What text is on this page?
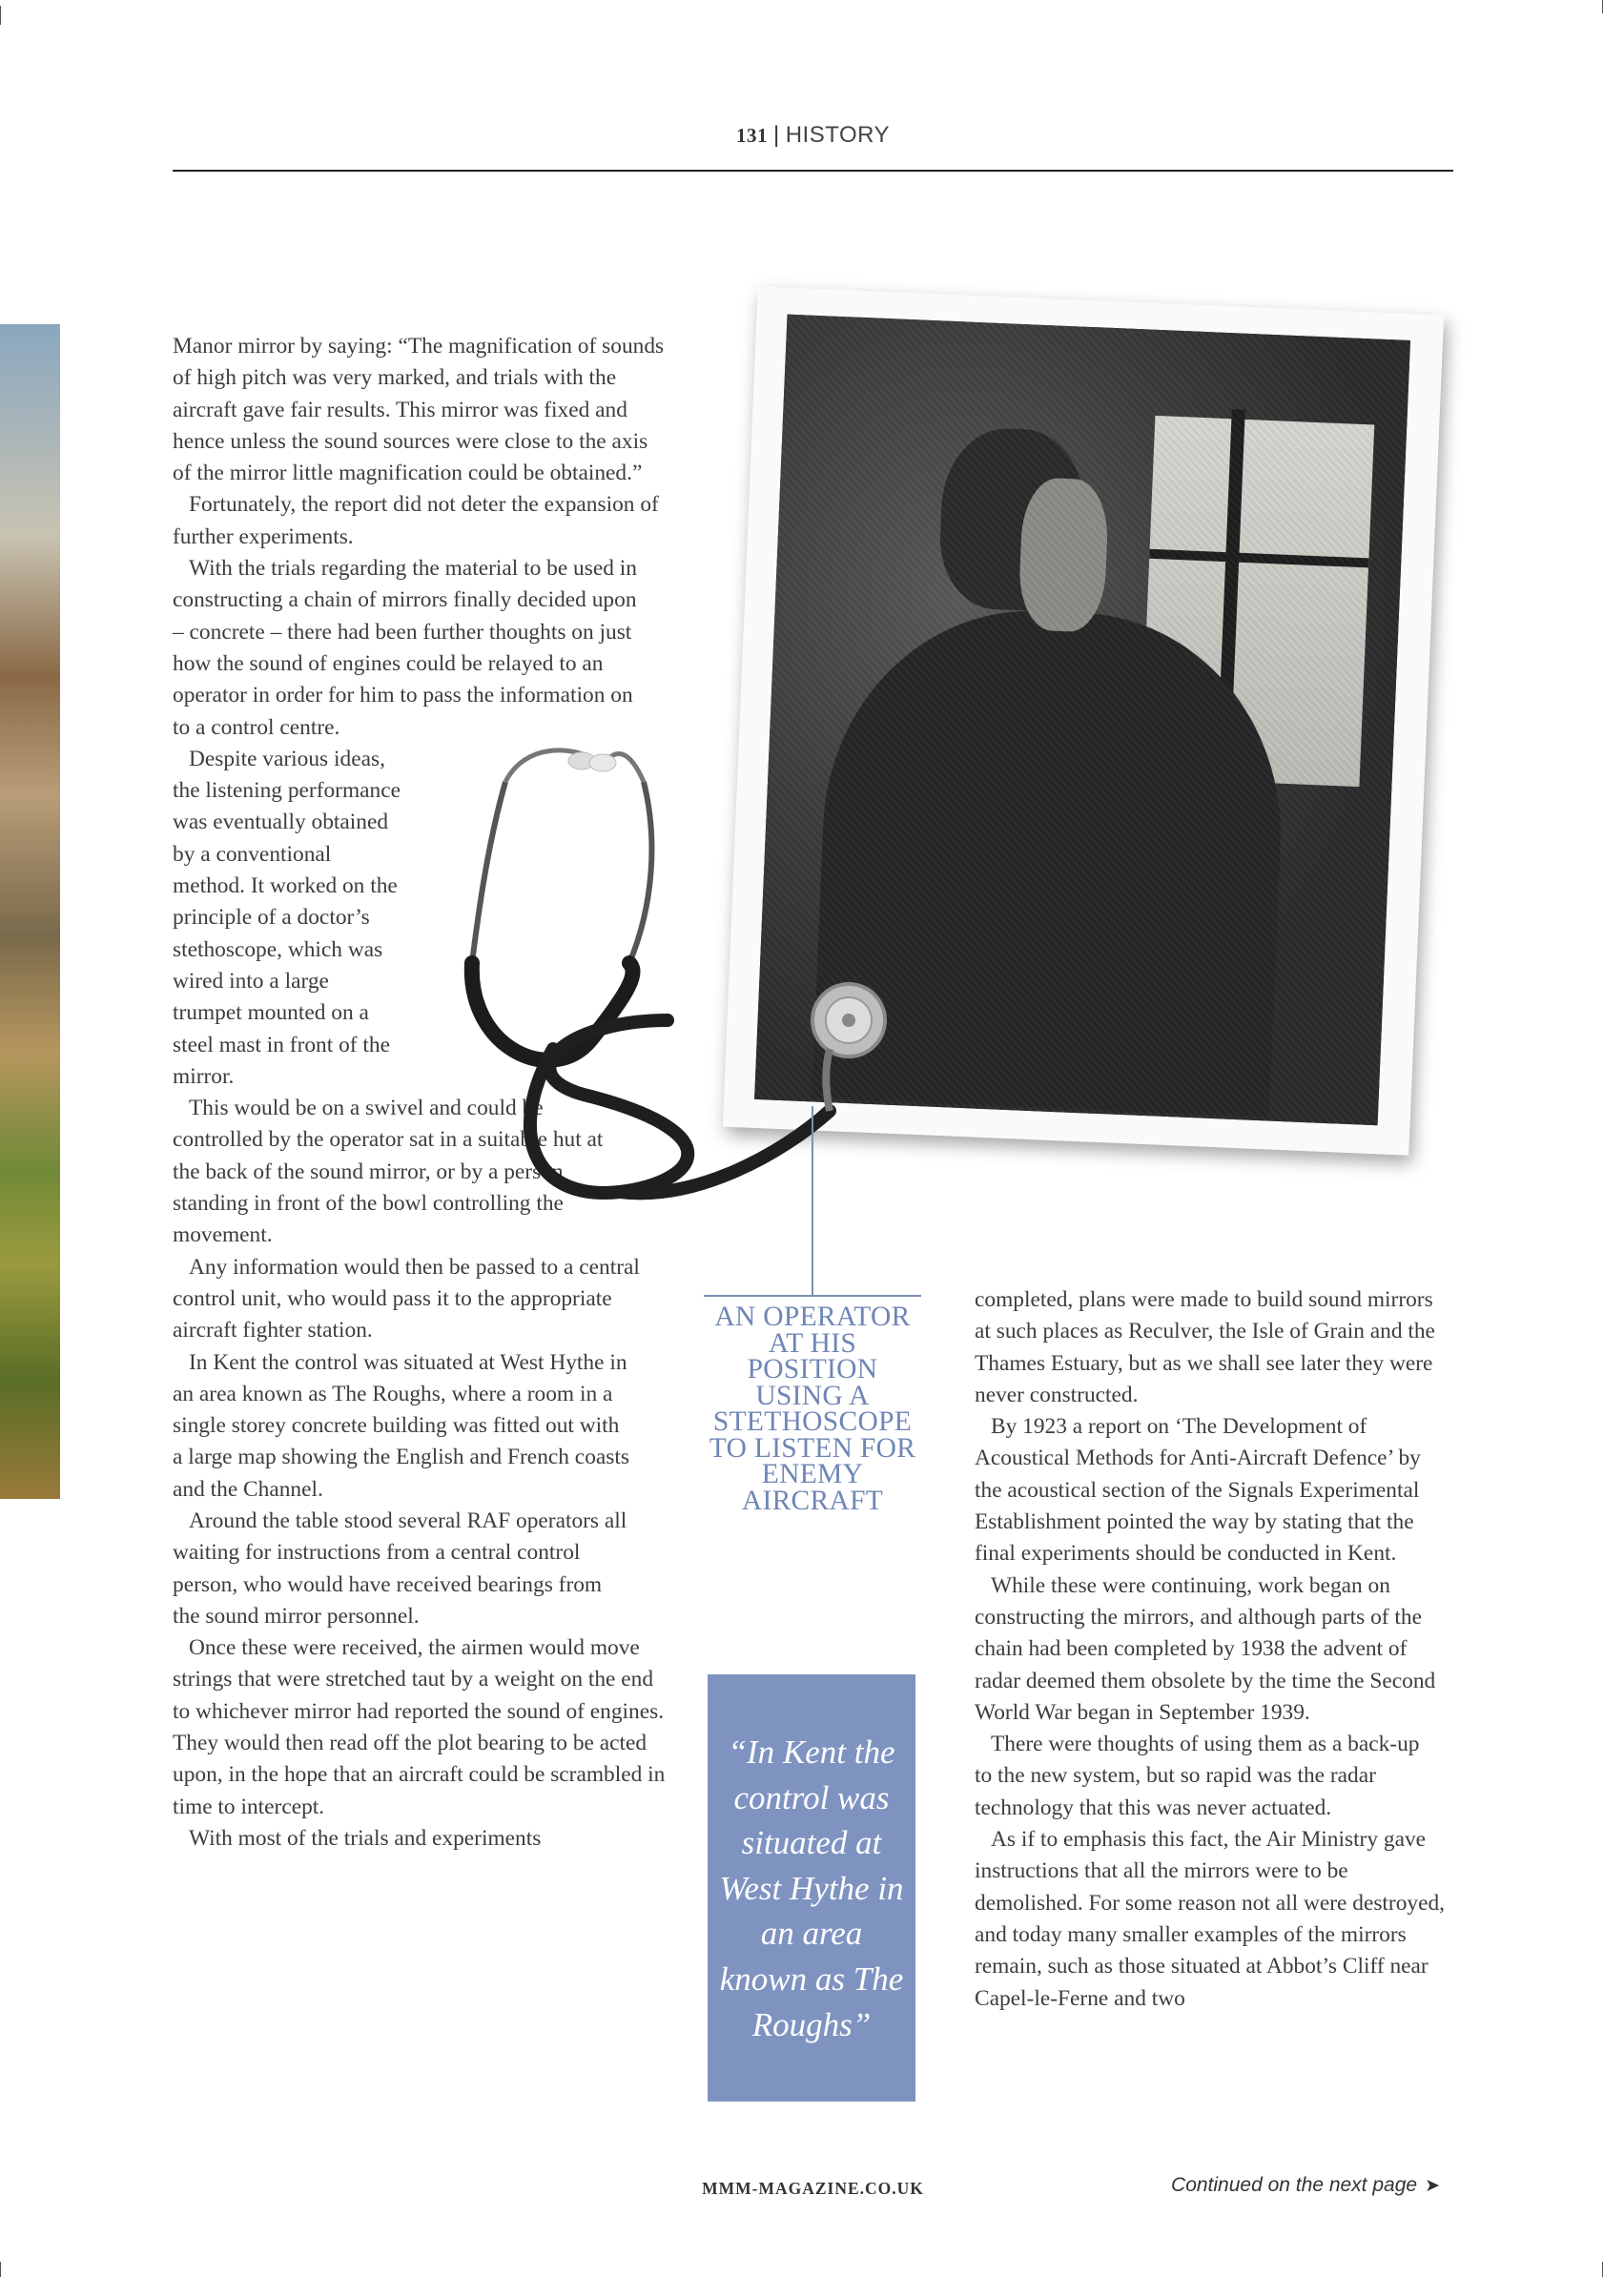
131 | HISTORY

Manor mirror by saying: “The magnification of sounds of high pitch was very marked, and trials with the aircraft gave fair results. This mirror was fixed and hence unless the sound sources were close to the axis of the mirror little magnification could be obtained.”

Fortunately, the report did not deter the expansion of further experiments.

With the trials regarding the material to be used in constructing a chain of mirrors finally decided upon – concrete – there had been further thoughts on just how the sound of engines could be relayed to an operator in order for him to pass the information on to a control centre.

Despite various ideas, the listening performance was eventually obtained by a conventional method. It worked on the principle of a doctor’s stethoscope, which was wired into a large trumpet mounted on a steel mast in front of the mirror.

This would be on a swivel and could be controlled by the operator sat in a suitable hut at the back of the sound mirror, or by a person standing in front of the bowl controlling the movement.

Any information would then be passed to a central control unit, who would pass it to the appropriate aircraft fighter station.

In Kent the control was situated at West Hythe in an area known as The Roughs, where a room in a single storey concrete building was fitted out with a large map showing the English and French coasts and the Channel.

Around the table stood several RAF operators all waiting for instructions from a central control person, who would have received bearings from the sound mirror personnel.

Once these were received, the airmen would move strings that were stretched taut by a weight on the end to whichever mirror had reported the sound of engines. They would then read off the plot bearing to be acted upon, in the hope that an aircraft could be scrambled in time to intercept.

With most of the trials and experiments

AN OPERATOR AT HIS POSITION USING A STETHOSCOPE TO LISTEN FOR ENEMY AIRCRAFT

completed, plans were made to build sound mirrors at such places as Reculver, the Isle of Grain and the Thames Estuary, but as we shall see later they were never constructed.

By 1923 a report on ‘The Development of Acoustical Methods for Anti-Aircraft Defence’ by the acoustical section of the Signals Experimental Establishment pointed the way by stating that the final experiments should be conducted in Kent.

While these were continuing, work began on constructing the mirrors, and although parts of the chain had been completed by 1938 the advent of radar deemed them obsolete by the time the Second World War began in September 1939.

There were thoughts of using them as a back-up to the new system, but so rapid was the radar technology that this was never actuated.

As if to emphasis this fact, the Air Ministry gave instructions that all the mirrors were to be demolished. For some reason not all were destroyed, and today many smaller examples of the mirrors remain, such as those situated at Abbot’s Cliff near Capel-le-Ferne and two

“In Kent the control was situated at West Hythe in an area known as The Roughs”
MMM-MAGAZINE.CO.UK	Continued on the next page ➤
